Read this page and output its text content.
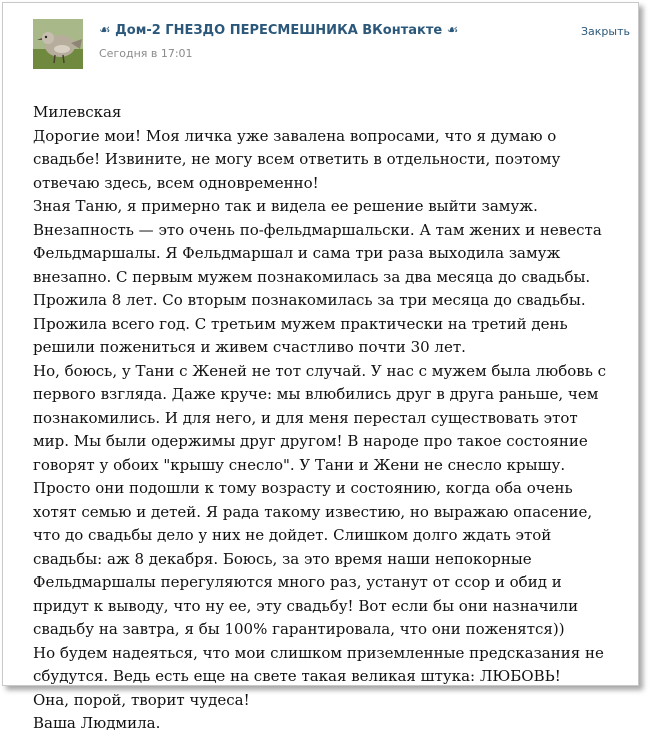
☙ Дом-2 ГНЕЗДО ПЕРЕСМЕШНИКА ВКонтакте ☙
Сегодня в 17:01
Закрыть

Милевская

Дорогие мои! Моя личка уже завалена вопросами, что я думаю о свадьбе! Извините, не могу всем ответить в отдельности, поэтому отвечаю здесь, всем одновременно!

Зная Таню, я примерно так и видела ее решение выйти замуж. Внезапность — это очень по-фельдмаршальски. А там жених и невеста Фельдмаршалы. Я Фельдмаршал и сама три раза выходила замуж внезапно. С первым мужем познакомилась за два месяца до свадьбы. Прожила 8 лет. Со вторым познакомилась за три месяца до свадьбы. Прожила всего год. С третьим мужем практически на третий день решили пожениться и живем счастливо почти 30 лет.

Но, боюсь, у Тани с Женей не тот случай. У нас с мужем была любовь с первого взгляда. Даже круче: мы влюбились друг в друга раньше, чем познакомились. И для него, и для меня перестал существовать этот мир. Мы были одержимы друг другом! В народе про такое состояние говорят у обоих "крышу снесло". У Тани и Жени не снесло крышу. Просто они подошли к тому возрасту и состоянию, когда оба очень хотят семью и детей. Я рада такому известию, но выражаю опасение, что до свадьбы дело у них не дойдет. Слишком долго ждать этой свадьбы: аж 8 декабря. Боюсь, за это время наши непокорные Фельдмаршалы перегуляются много раз, устанут от ссор и обид и придут к выводу, что ну ее, эту свадьбу! Вот если бы они назначили свадьбу на завтра, я бы 100% гарантировала, что они поженятся))

Но будем надеяться, что мои слишком приземленные предсказания не сбудутся. Ведь есть еще на свете такая великая штука: ЛЮБОВЬ!

Она, порой, творит чудеса!

Ваша Людмила.
